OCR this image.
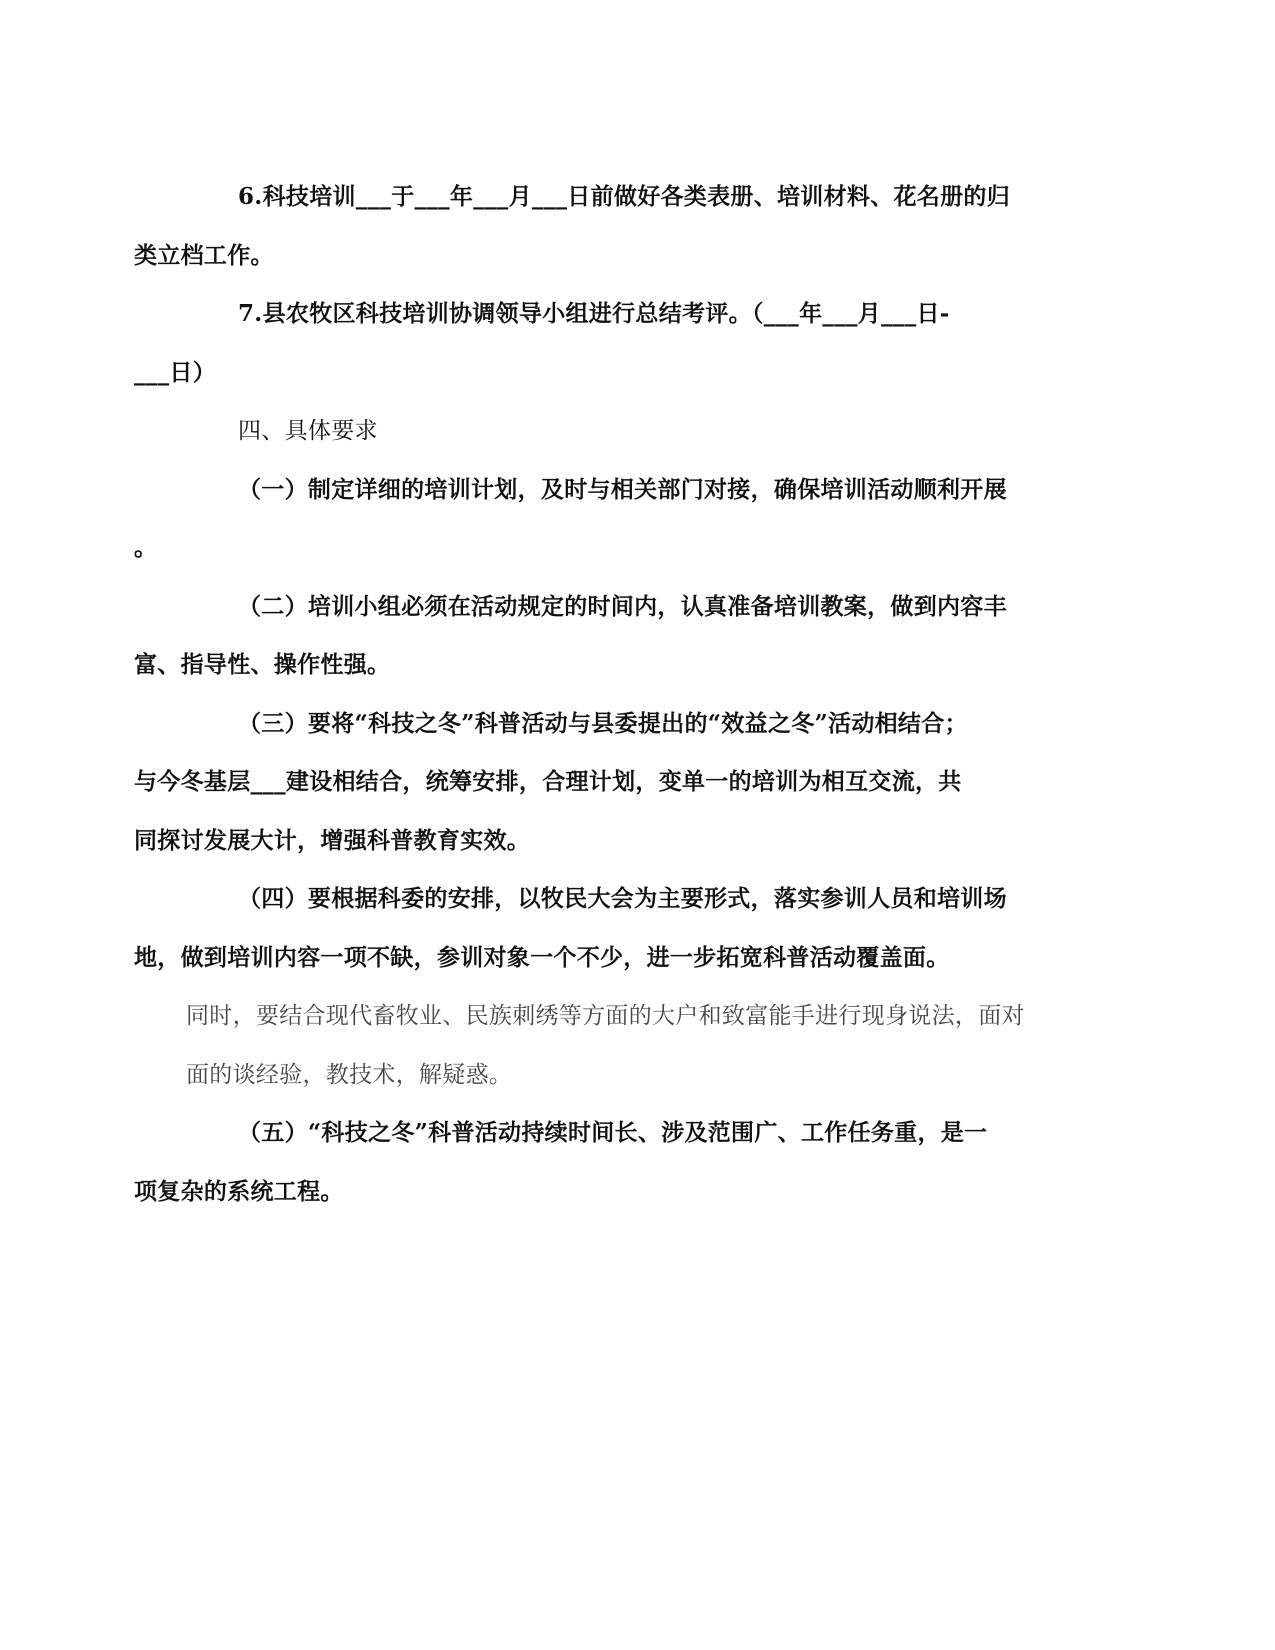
6.科技培训___于___年___月___日前做好各类表册、培训材料、花名册的归
类立档工作。

7.县农牧区科技培训协调领导小组进行总结考评。（___年___月___日-
___日）

四、具体要求

（一）制定详细的培训计划，及时与相关部门对接，确保培训活动顺利开展
。

（二）培训小组必须在活动规定的时间内，认真准备培训教案，做到内容丰
富、指导性、操作性强。

（三）要将“科技之冬”科普活动与县委提出的“效益之冬”活动相结合；
与今冬基层___建设相结合，统筹安排，合理计划，变单一的培训为相互交流，共
同探讨发展大计，增强科普教育实效。

（四）要根据科委的安排，以牧民大会为主要形式，落实参训人员和培训场
地，做到培训内容一项不缺，参训对象一个不少，进一步拓宽科普活动覆盖面。

同时，要结合现代畜牧业、民族刺绣等方面的大户和致富能手进行现身说法，面对
面的谈经验，教技术，解疑惑。

（五）“科技之冬”科普活动持续时间长、涉及范围广、工作任务重，是一
项复杂的系统工程。
